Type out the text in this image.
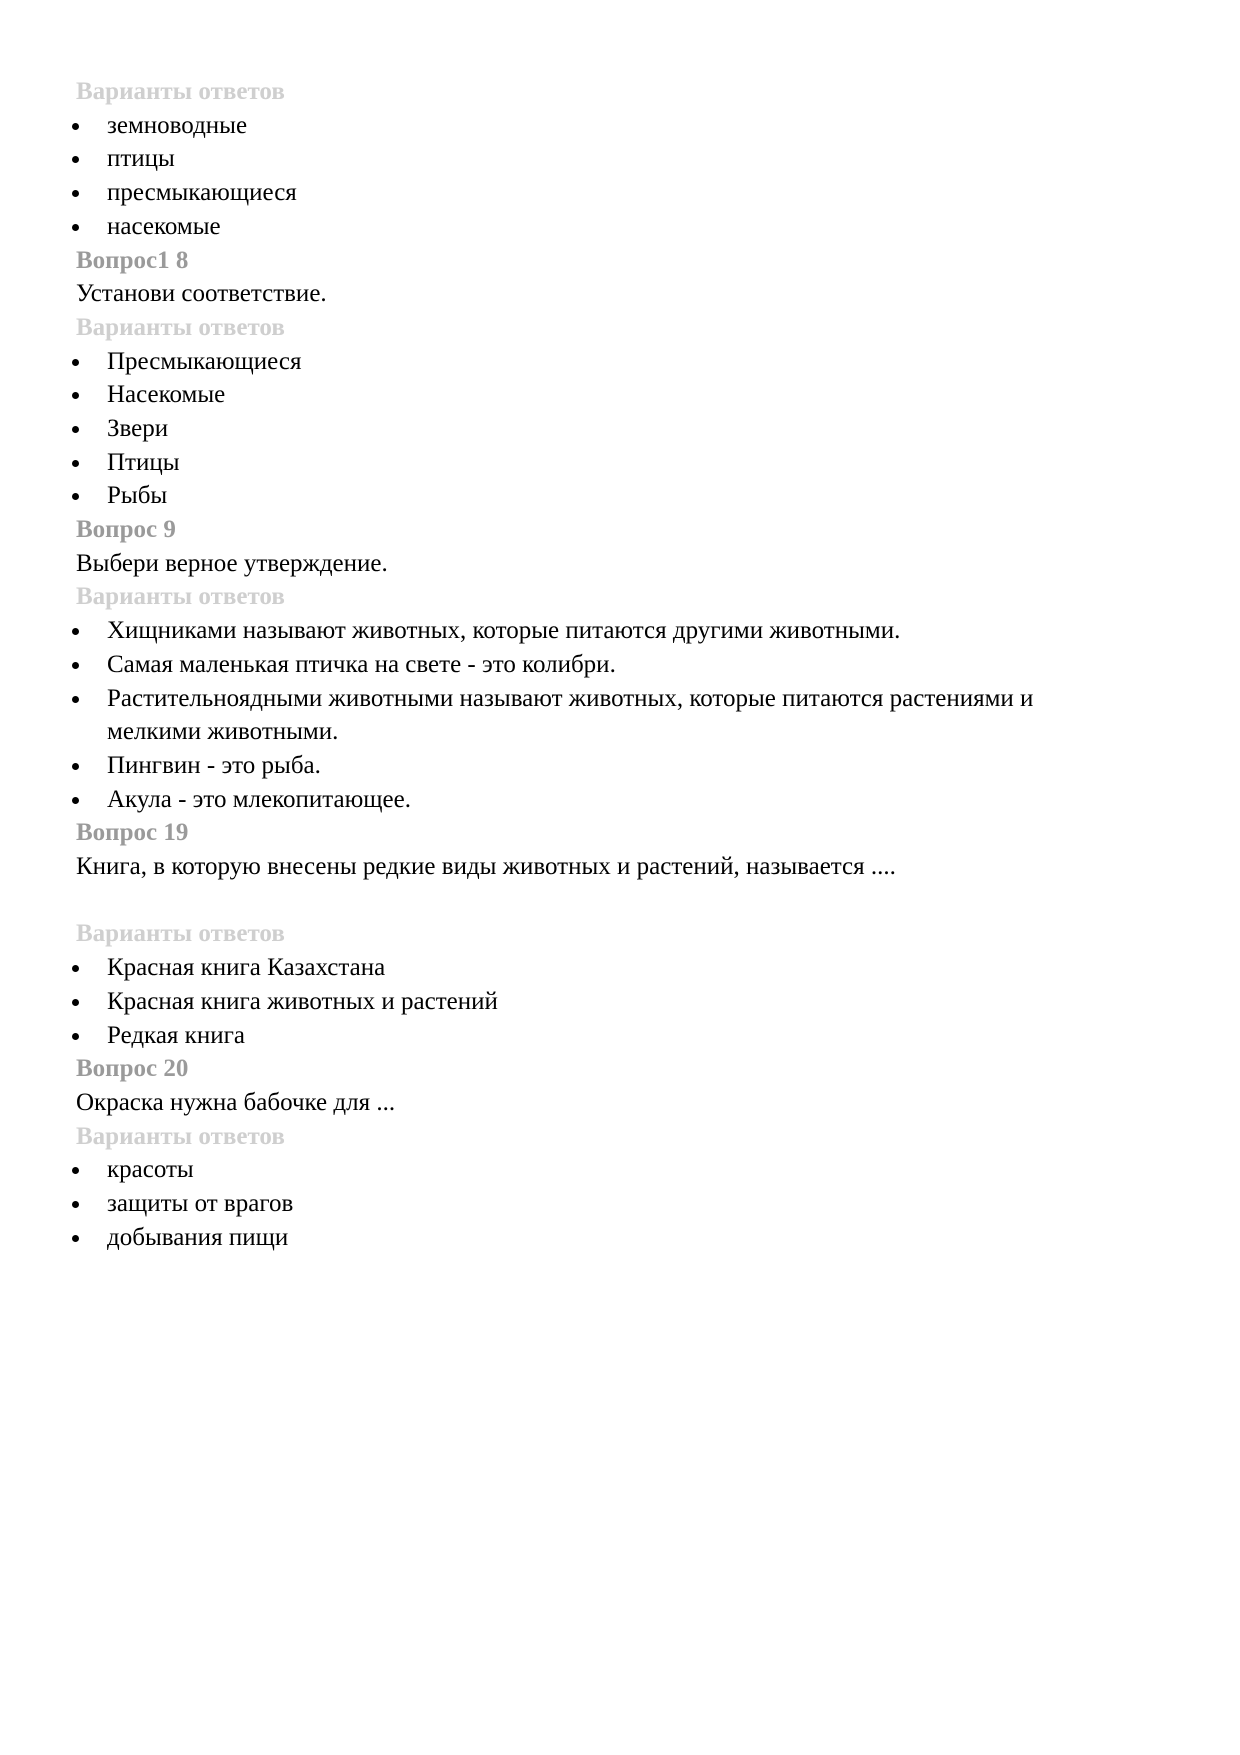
Варианты ответов
земноводные
птицы
пресмыкающиеся
насекомые
Вопрос1 8
Установи соответствие.
Варианты ответов
Пресмыкающиеся
Насекомые
Звери
Птицы
Рыбы
Вопрос 9
Выбери верное утверждение.
Варианты ответов
Хищниками называют животных, которые питаются другими животными.
Самая маленькая птичка на свете - это колибри.
Растительноядными животными называют животных, которые питаются растениями и мелкими животными.
Пингвин - это рыба.
Акула - это млекопитающее.
Вопрос 19
Книга, в которую внесены редкие виды животных и растений, называется ....
Варианты ответов
Красная книга Казахстана
Красная книга животных и растений
Редкая книга
Вопрос 20
Окраска нужна бабочке для ...
Варианты ответов
красоты
защиты от врагов
добывания пищи
